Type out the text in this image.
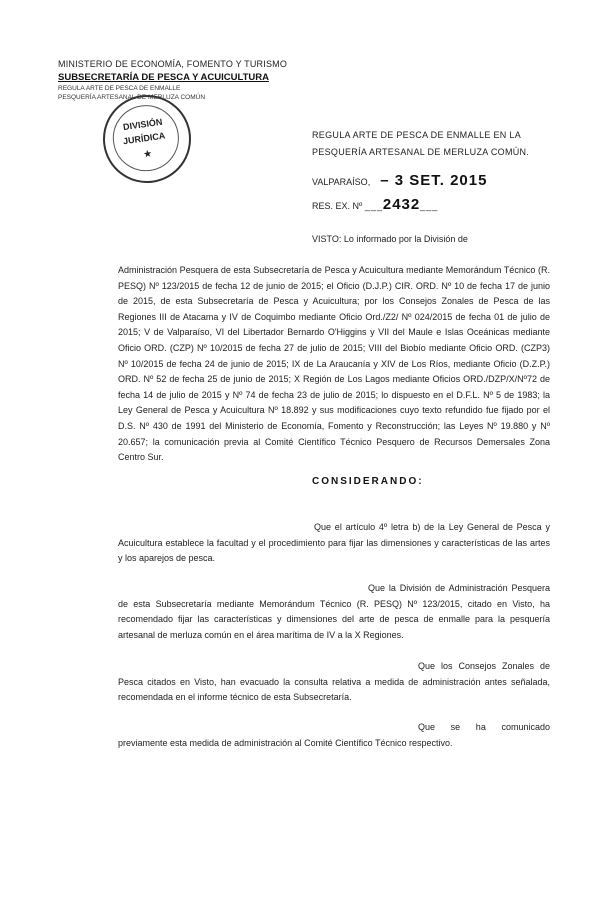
MINISTERIO DE ECONOMÍA, FOMENTO Y TURISMO
SUBSECRETARÍA DE PESCA Y ACUICULTURA
REGULA ARTE DE PESCA DE ENMALLE
PESQUERÍA ARTESANAL DE MERLUZA COMÚN
DIVISIÓN
JURÍDICA
★
REGULA ARTE DE PESCA DE ENMALLE EN LA PESQUERÍA ARTESANAL DE MERLUZA COMÚN.
VALPARAÍSO, – 3 SET. 2015
RES. EX. Nº ___2432___
VISTO: Lo informado por la División de
Administración Pesquera de esta Subsecretaría de Pesca y Acuicultura mediante Memorándum Técnico (R. PESQ) Nº 123/2015 de fecha 12 de junio de 2015; el Oficio (D.J.P.) CIR. ORD. Nº 10 de fecha 17 de junio de 2015, de esta Subsecretaría de Pesca y Acuicultura; por los Consejos Zonales de Pesca de las Regiones III de Atacama y IV de Coquimbo mediante Oficio Ord./Z2/ Nº 024/2015 de fecha 01 de julio de 2015; V de Valparaíso, VI del Libertador Bernardo O'Higgins y VII del Maule e Islas Oceánicas mediante Oficio ORD. (CZP) Nº 10/2015 de fecha 27 de julio de 2015; VIII del Biobío mediante Oficio ORD. (CZP3) Nº 10/2015 de fecha 24 de junio de 2015; IX de La Araucanía y XIV de Los Ríos, mediante Oficio (D.Z.P.) ORD. Nº 52 de fecha 25 de junio de 2015; X Región de Los Lagos mediante Oficios ORD./DZP/X/Nº72 de fecha 14 de julio de 2015 y Nº 74 de fecha 23 de julio de 2015; lo dispuesto en el D.F.L. Nº 5 de 1983; la Ley General de Pesca y Acuicultura Nº 18.892 y sus modificaciones cuyo texto refundido fue fijado por el D.S. Nº 430 de 1991 del Ministerio de Economía, Fomento y Reconstrucción; las Leyes Nº 19.880 y Nº 20.657; la comunicación previa al Comité Científico Técnico Pesquero de Recursos Demersales Zona Centro Sur.
CONSIDERANDO:
Que el artículo 4º letra b) de la Ley General de Pesca y Acuicultura establece la facultad y el procedimiento para fijar las dimensiones y características de las artes y los aparejos de pesca.
Que la División de Administración Pesquera de esta Subsecretaría mediante Memorándum Técnico (R. PESQ) Nº 123/2015, citado en Visto, ha recomendado fijar las características y dimensiones del arte de pesca de enmalle para la pesquería artesanal de merluza común en el área marítima de IV a la X Regiones.
Que los Consejos Zonales de Pesca citados en Visto, han evacuado la consulta relativa a medida de administración antes señalada, recomendada en el informe técnico de esta Subsecretaría.
Que se ha comunicado previamente esta medida de administración al Comité Científico Técnico respectivo.
